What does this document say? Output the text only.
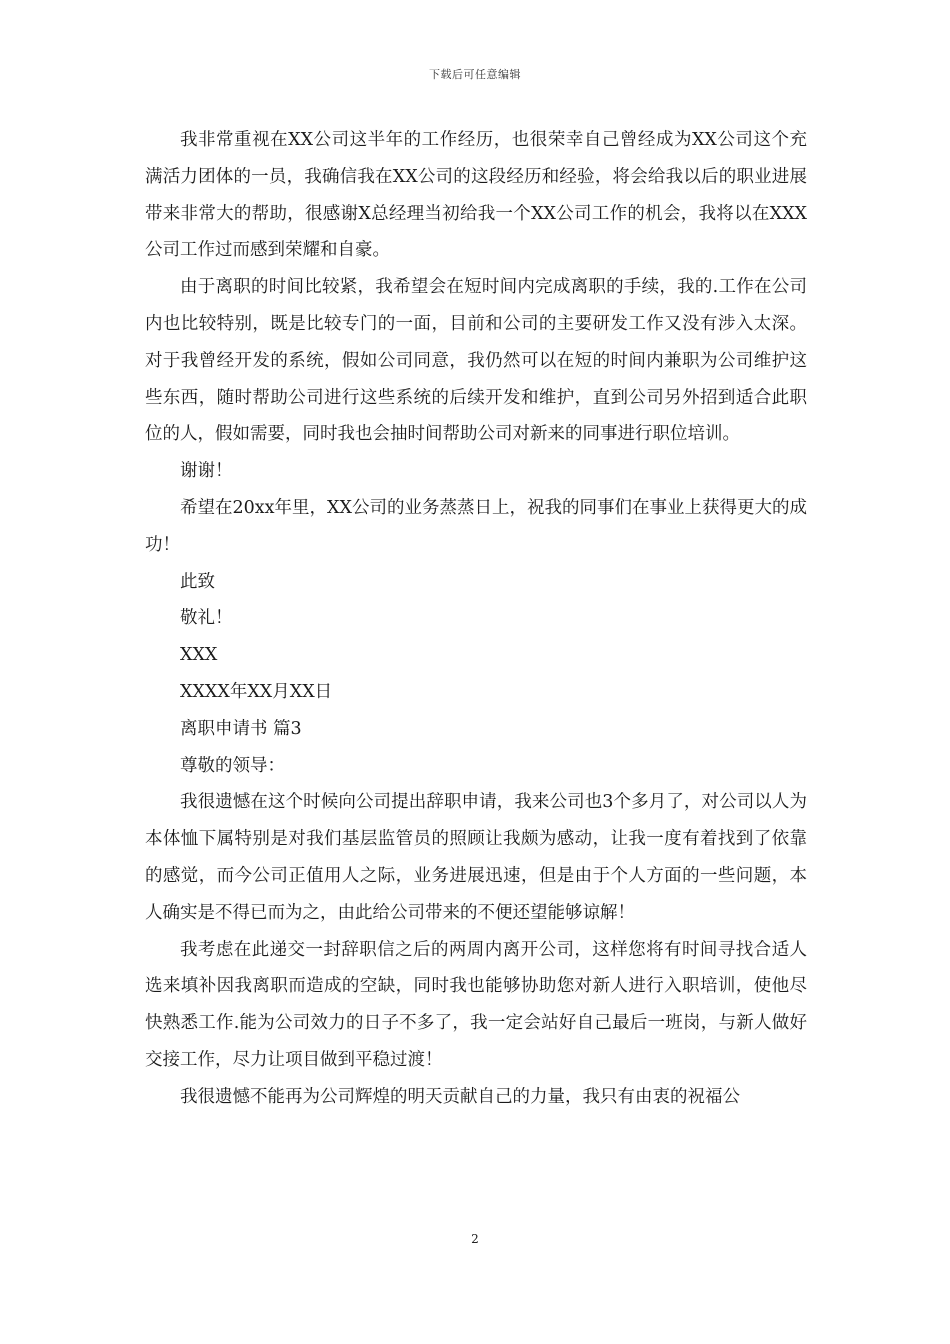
下载后可任意编辑

我非常重视在XX公司这半年的工作经历，也很荣幸自己曾经成为XX公司这个充满活力团体的一员，我确信我在XX公司的这段经历和经验，将会给我以后的职业进展带来非常大的帮助，很感谢X总经理当初给我一个XX公司工作的机会，我将以在XXX公司工作过而感到荣耀和自豪。

由于离职的时间比较紧，我希望会在短时间内完成离职的手续，我的.工作在公司内也比较特别，既是比较专门的一面，目前和公司的主要研发工作又没有涉入太深。对于我曾经开发的系统，假如公司同意，我仍然可以在短的时间内兼职为公司维护这些东西，随时帮助公司进行这些系统的后续开发和维护，直到公司另外招到适合此职位的人，假如需要，同时我也会抽时间帮助公司对新来的同事进行职位培训。

谢谢！

希望在20xx年里，XX公司的业务蒸蒸日上，祝我的同事们在事业上获得更大的成功！

此致

敬礼！

XXX

XXXX年XX月XX日

离职申请书 篇3

尊敬的领导：

我很遗憾在这个时候向公司提出辞职申请，我来公司也3个多月了，对公司以人为本体恤下属特别是对我们基层监管员的照顾让我颇为感动，让我一度有着找到了依靠的感觉，而今公司正值用人之际，业务进展迅速，但是由于个人方面的一些问题，本人确实是不得已而为之，由此给公司带来的不便还望能够谅解！

我考虑在此递交一封辞职信之后的两周内离开公司，这样您将有时间寻找合适人选来填补因我离职而造成的空缺，同时我也能够协助您对新人进行入职培训，使他尽快熟悉工作.能为公司效力的日子不多了，我一定会站好自己最后一班岗，与新人做好交接工作，尽力让项目做到平稳过渡！

我很遗憾不能再为公司辉煌的明天贡献自己的力量，我只有由衷的祝福公

2
